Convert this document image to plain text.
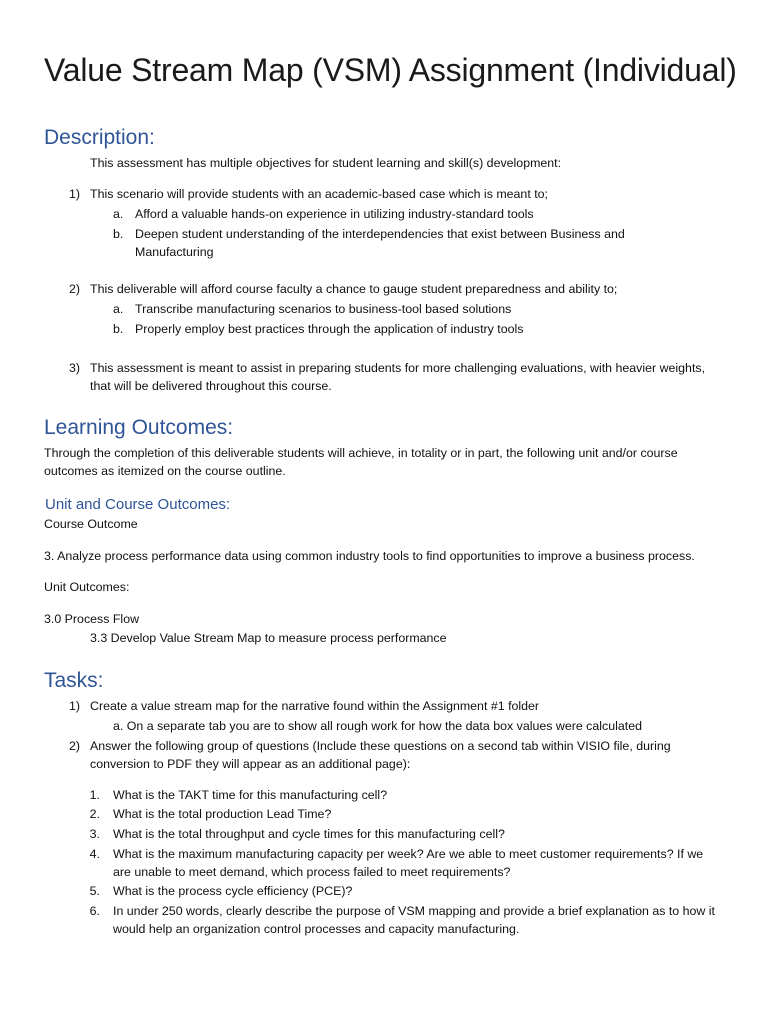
Value Stream Map (VSM) Assignment (Individual)
Description:
This assessment has multiple objectives for student learning and skill(s) development:
1) This scenario will provide students with an academic-based case which is meant to;
a. Afford a valuable hands-on experience in utilizing industry-standard tools
b. Deepen student understanding of the interdependencies that exist between Business and Manufacturing
2) This deliverable will afford course faculty a chance to gauge student preparedness and ability to;
a. Transcribe manufacturing scenarios to business-tool based solutions
b. Properly employ best practices through the application of industry tools
3) This assessment is meant to assist in preparing students for more challenging evaluations, with heavier weights, that will be delivered throughout this course.
Learning Outcomes:
Through the completion of this deliverable students will achieve, in totality or in part, the following unit and/or course outcomes as itemized on the course outline.
Unit and Course Outcomes:
Course Outcome
3. Analyze process performance data using common industry tools to find opportunities to improve a business process.
Unit Outcomes:
3.0 Process Flow
3.3 Develop Value Stream Map to measure process performance
Tasks:
1) Create a value stream map for the narrative found within the Assignment #1 folder
a. On a separate tab you are to show all rough work for how the data box values were calculated
2) Answer the following group of questions (Include these questions on a second tab within VISIO file, during conversion to PDF they will appear as an additional page):
1. What is the TAKT time for this manufacturing cell?
2. What is the total production Lead Time?
3. What is the total throughput and cycle times for this manufacturing cell?
4. What is the maximum manufacturing capacity per week? Are we able to meet customer requirements? If we are unable to meet demand, which process failed to meet requirements?
5. What is the process cycle efficiency (PCE)?
6. In under 250 words, clearly describe the purpose of VSM mapping and provide a brief explanation as to how it would help an organization control processes and capacity manufacturing.
